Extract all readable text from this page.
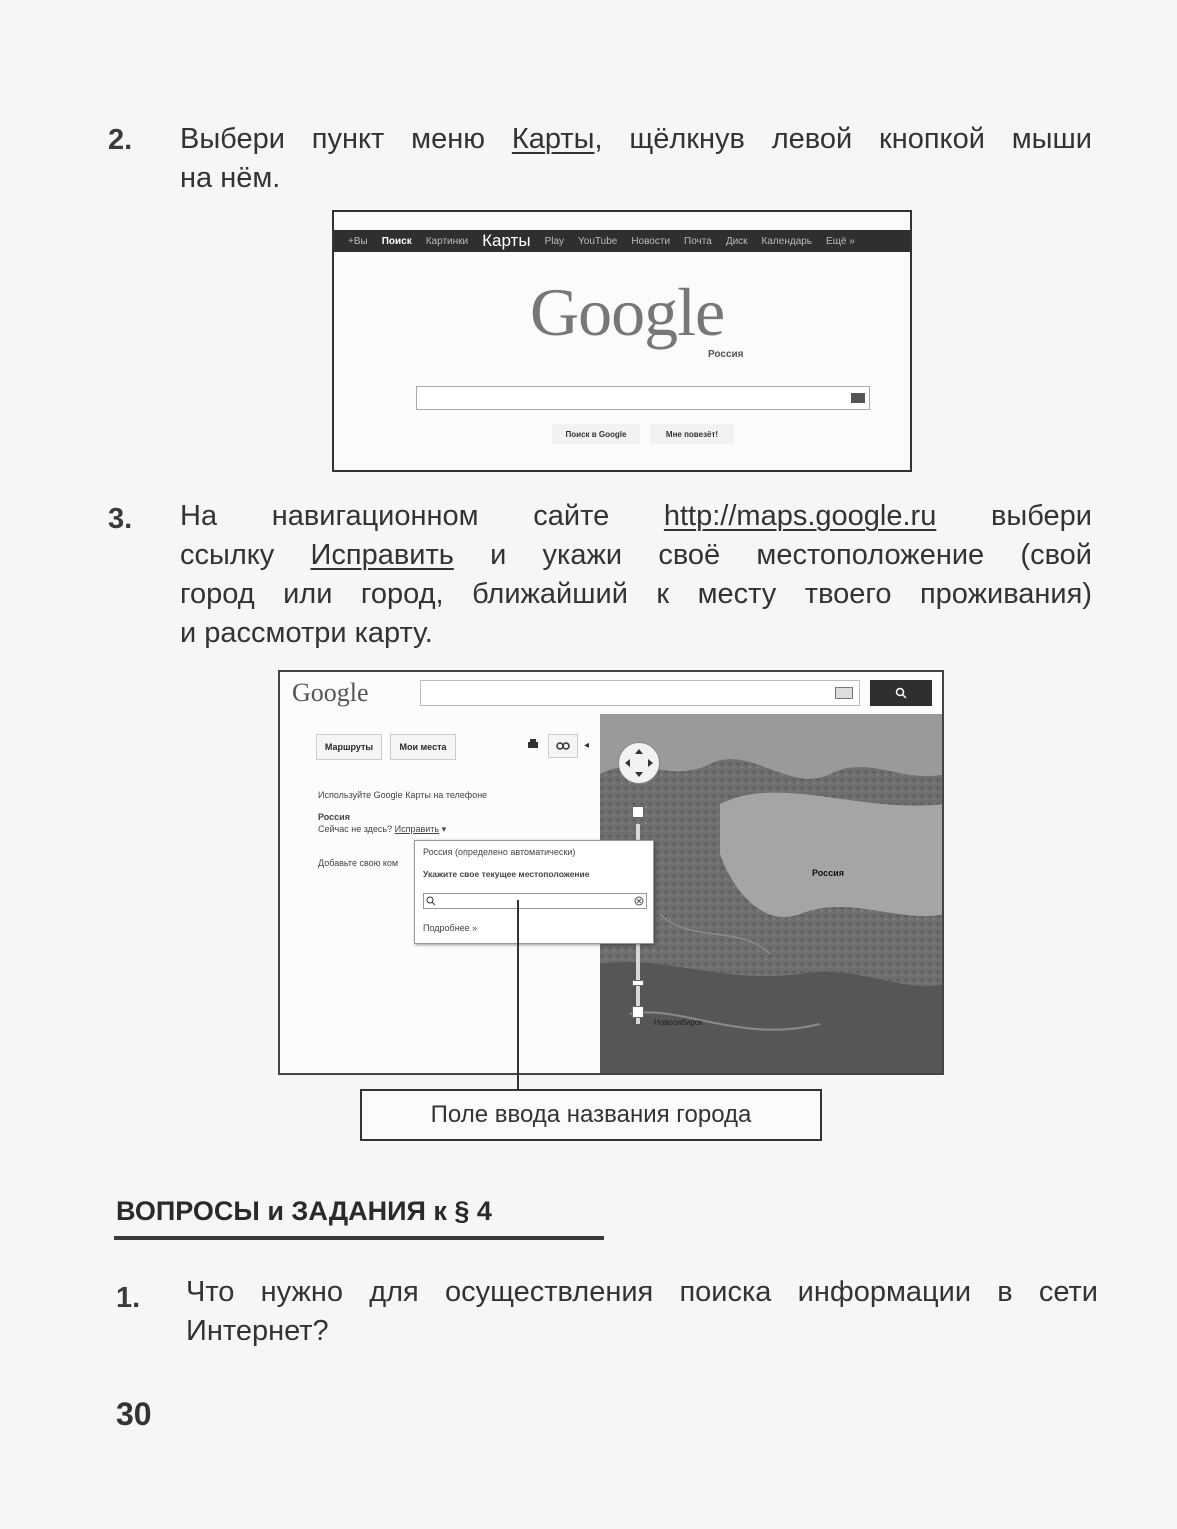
2. Выбери пункт меню Карты, щёлкнув левой кнопкой мыши
на нём.
+Вы Поиск Картинки Карты Play YouTube Новости Почта Диск Календарь Ещё »
Google
Россия
Поиск в Google	Мне повезёт!
3. На навигационном сайте http://maps.google.ru выбери
ссылку Исправить и укажи своё местоположение (свой
город или город, ближайший к месту твоего проживания)
и рассмотри карту.
Google
Маршруты	Мои места	◂
Используйте Google Карты на телефоне
Россия
Сейчас не здесь? Исправить ▾
Добавьте свою ком
Россия
Новосибирск
Россия (определено автоматически)
Укажите свое текущее местоположение
Подробнее »
Поле ввода названия города
ВОПРОСЫ и ЗАДАНИЯ к § 4
1. Что нужно для осуществления поиска информации в сети
Интернет?
30
